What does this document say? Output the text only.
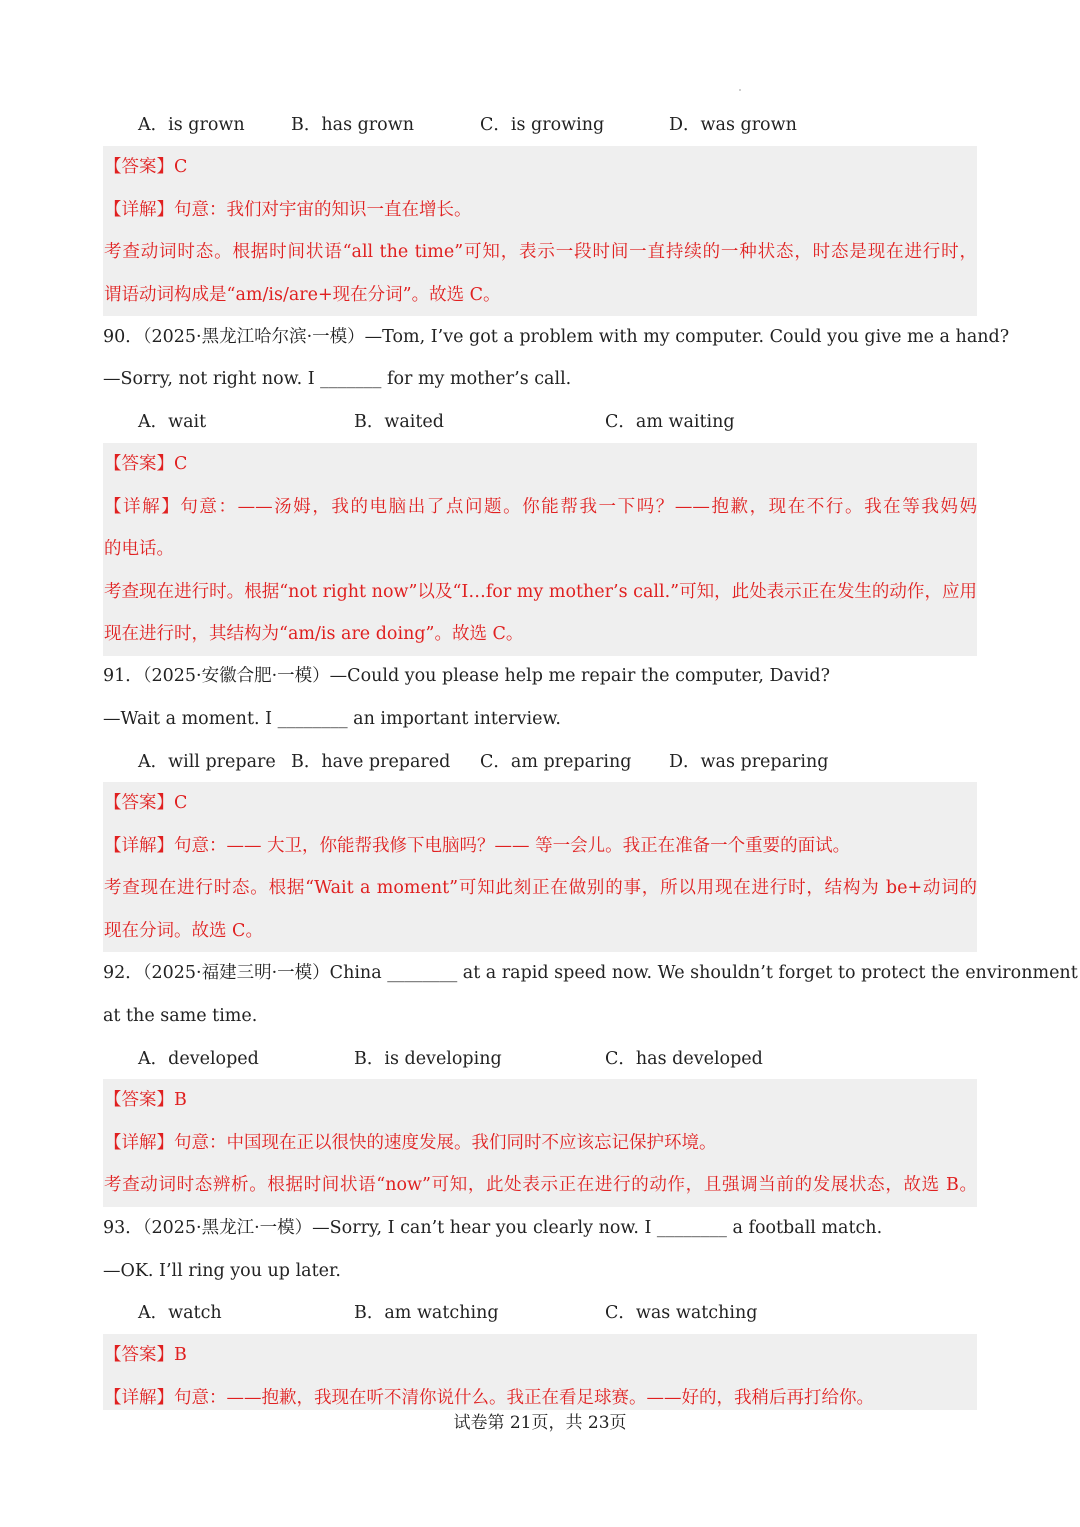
A．is grown	B．has grown	C．is growing	D．was grown
【答案】C
【详解】句意：我们对宇宙的知识一直在增长。
考查动词时态。根据时间状语“all the time”可知，表示一段时间一直持续的一种状态，时态是现在进行时，
谓语动词构成是“am/is/are+现在分词”。故选 C。
90．（2025·黑龙江哈尔滨·一模）—Tom, I’ve got a problem with my computer. Could you give me a hand?
—Sorry, not right now. I _______ for my mother’s call.
A．wait	B．waited	C．am waiting
【答案】C
【详解】句意：——汤姆，我的电脑出了点问题。你能帮我一下吗？——抱歉，现在不行。我在等我妈妈
的电话。
考查现在进行时。根据“not right now”以及“I…for my mother’s call.”可知，此处表示正在发生的动作，应用
现在进行时，其结构为“am/is are doing”。故选 C。
91．（2025·安徽合肥·一模）—Could you please help me repair the computer, David?
—Wait a moment. I ________ an important interview.
A．will prepare B．have prepared C．am preparing D．was preparing
【答案】C
【详解】句意：—— 大卫，你能帮我修下电脑吗？—— 等一会儿。我正在准备一个重要的面试。
考查现在进行时态。根据“Wait a moment”可知此刻正在做别的事，所以用现在进行时，结构为 be+动词的
现在分词。故选 C。
92．（2025·福建三明·一模）China ________ at a rapid speed now. We shouldn’t forget to protect the environment
at the same time.
A．developed	B．is developing	C．has developed
【答案】B
【详解】句意：中国现在正以很快的速度发展。我们同时不应该忘记保护环境。
考查动词时态辨析。根据时间状语“now”可知，此处表示正在进行的动作，且强调当前的发展状态，故选 B。
93．（2025·黑龙江·一模）—Sorry, I can’t hear you clearly now. I ________ a football match.
—OK. I’ll ring you up later.
A．watch	B．am watching	C．was watching
【答案】B
【详解】句意：——抱歉，我现在听不清你说什么。我正在看足球赛。——好的，我稍后再打给你。
试卷第 21页，共 23页
